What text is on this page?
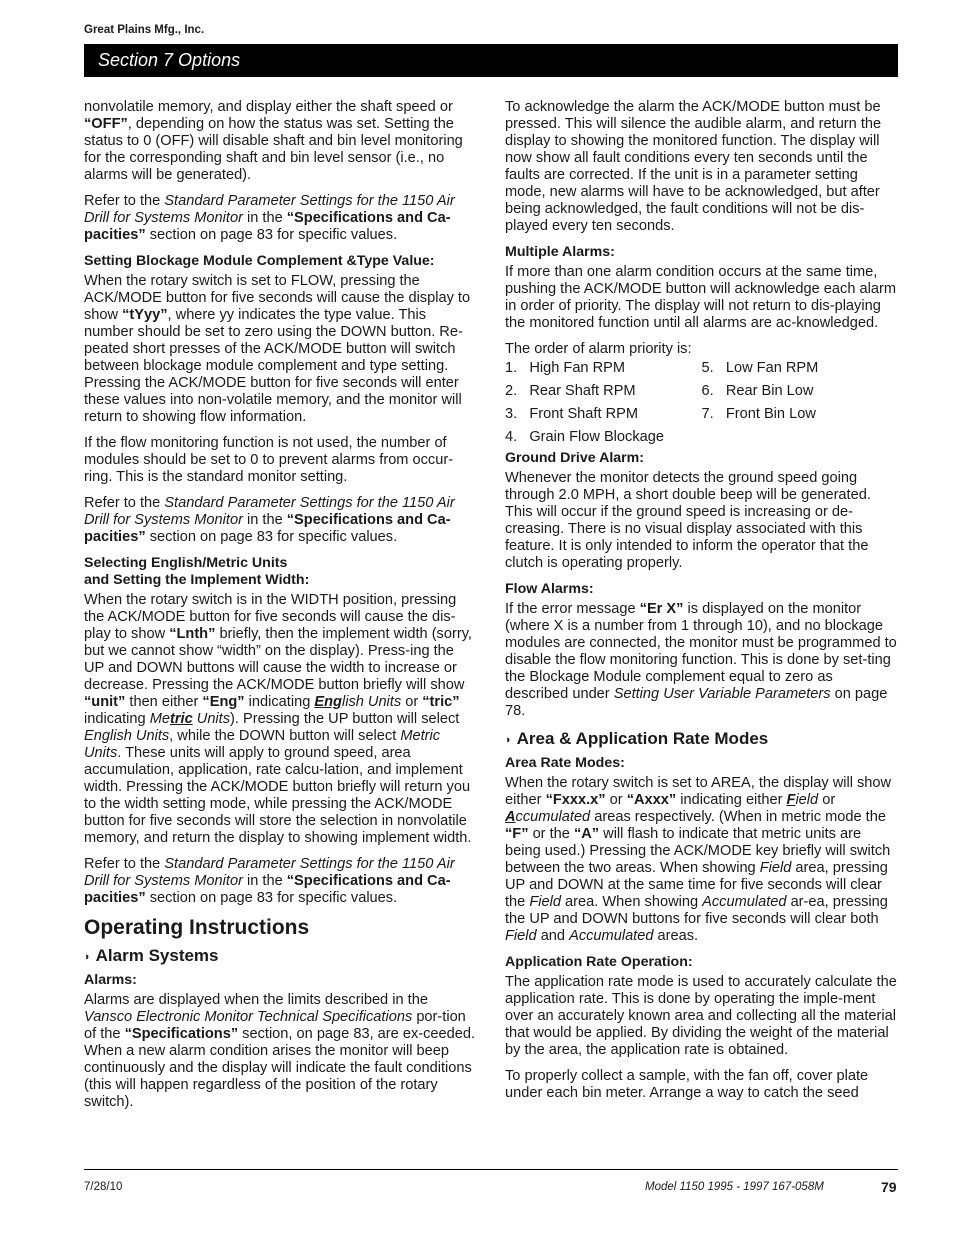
Great Plains Mfg., Inc.
Section 7 Options

nonvolatile memory, and display either the shaft speed or “OFF”, depending on how the status was set. Setting the status to 0 (OFF) will disable shaft and bin level monitoring for the corresponding shaft and bin level sensor (i.e., no alarms will be generated).

Refer to the Standard Parameter Settings for the 1150 Air Drill for Systems Monitor in the “Specifications and Ca-pacities” section on page 83 for specific values.

Setting Blockage Module Complement &Type Value:

When the rotary switch is set to FLOW, pressing the ACK/MODE button for five seconds will cause the display to show “tYyy”, where yy indicates the type value. This number should be set to zero using the DOWN button. Re-peated short presses of the ACK/MODE button will switch between blockage module complement and type setting. Pressing the ACK/MODE button for five seconds will enter these values into non-volatile memory, and the monitor will return to showing flow information.

If the flow monitoring function is not used, the number of modules should be set to 0 to prevent alarms from occur-ring. This is the standard monitor setting.

Refer to the Standard Parameter Settings for the 1150 Air Drill for Systems Monitor in the “Specifications and Ca-pacities” section on page 83 for specific values.

Selecting English/Metric Units
and Setting the Implement Width:

When the rotary switch is in the WIDTH position, pressing the ACK/MODE button for five seconds will cause the dis-play to show “Lnth” briefly, then the implement width (sorry, but we cannot show “width” on the display). Press-ing the UP and DOWN buttons will cause the width to increase or decrease. Pressing the ACK/MODE button briefly will show “unit” then either “Eng” indicating English Units or “tric” indicating Metric Units). Pressing the UP button will select English Units, while the DOWN button will select Metric Units. These units will apply to ground speed, area accumulation, application, rate calcu-lation, and implement width. Pressing the ACK/MODE button briefly will return you to the width setting mode, while pressing the ACK/MODE button for five seconds will store the selection in nonvolatile memory, and return the display to showing implement width.

Refer to the Standard Parameter Settings for the 1150 Air Drill for Systems Monitor in the “Specifications and Ca-pacities” section on page 83 for specific values.

Operating Instructions
◗ Alarm Systems
Alarms:

Alarms are displayed when the limits described in the Vansco Electronic Monitor Technical Specifications por-tion of the “Specifications” section, on page 83, are ex-ceeded. When a new alarm condition arises the monitor will beep continuously and the display will indicate the fault conditions (this will happen regardless of the position of the rotary switch).

To acknowledge the alarm the ACK/MODE button must be pressed. This will silence the audible alarm, and return the display to showing the monitored function. The display will now show all fault conditions every ten seconds until the faults are corrected. If the unit is in a parameter setting mode, new alarms will have to be acknowledged, but after being acknowledged, the fault conditions will not be dis-played every ten seconds.

Multiple Alarms:

If more than one alarm condition occurs at the same time, pushing the ACK/MODE button will acknowledge each alarm in order of priority. The display will not return to dis-playing the monitored function until all alarms are ac-knowledged.

The order of alarm priority is:
1.   High Fan RPM
2.   Rear Shaft RPM
3.   Front Shaft RPM
4.   Grain Flow Blockage
5.   Low Fan RPM
6.   Rear Bin Low
7.   Front Bin Low
Ground Drive Alarm:

Whenever the monitor detects the ground speed going through 2.0 MPH, a short double beep will be generated. This will occur if the ground speed is increasing or de-creasing. There is no visual display associated with this feature. It is only intended to inform the operator that the clutch is operating properly.

Flow Alarms:

If the error message “Er X” is displayed on the monitor (where X is a number from 1 through 10), and no blockage modules are connected, the monitor must be programmed to disable the flow monitoring function. This is done by set-ting the Blockage Module complement equal to zero as described under Setting User Variable Parameters on page 78.

◗ Area & Application Rate Modes
Area Rate Modes:

When the rotary switch is set to AREA, the display will show either “Fxxx.x” or “Axxx” indicating either Field or Accumulated areas respectively. (When in metric mode the “F” or the “A” will flash to indicate that metric units are being used.) Pressing the ACK/MODE key briefly will switch between the two areas. When showing Field area, pressing UP and DOWN at the same time for five seconds will clear the Field area. When showing Accumulated ar-ea, pressing the UP and DOWN buttons for five seconds will clear both Field and Accumulated areas.

Application Rate Operation:

The application rate mode is used to accurately calculate the application rate. This is done by operating the imple-ment over an accurately known area and collecting all the material that would be applied. By dividing the weight of the material by the area, the application rate is obtained.

To properly collect a sample, with the fan off, cover plate under each bin meter. Arrange a way to catch the seed

7/28/10	Model 1150 1995 - 1997 167-058M	79
